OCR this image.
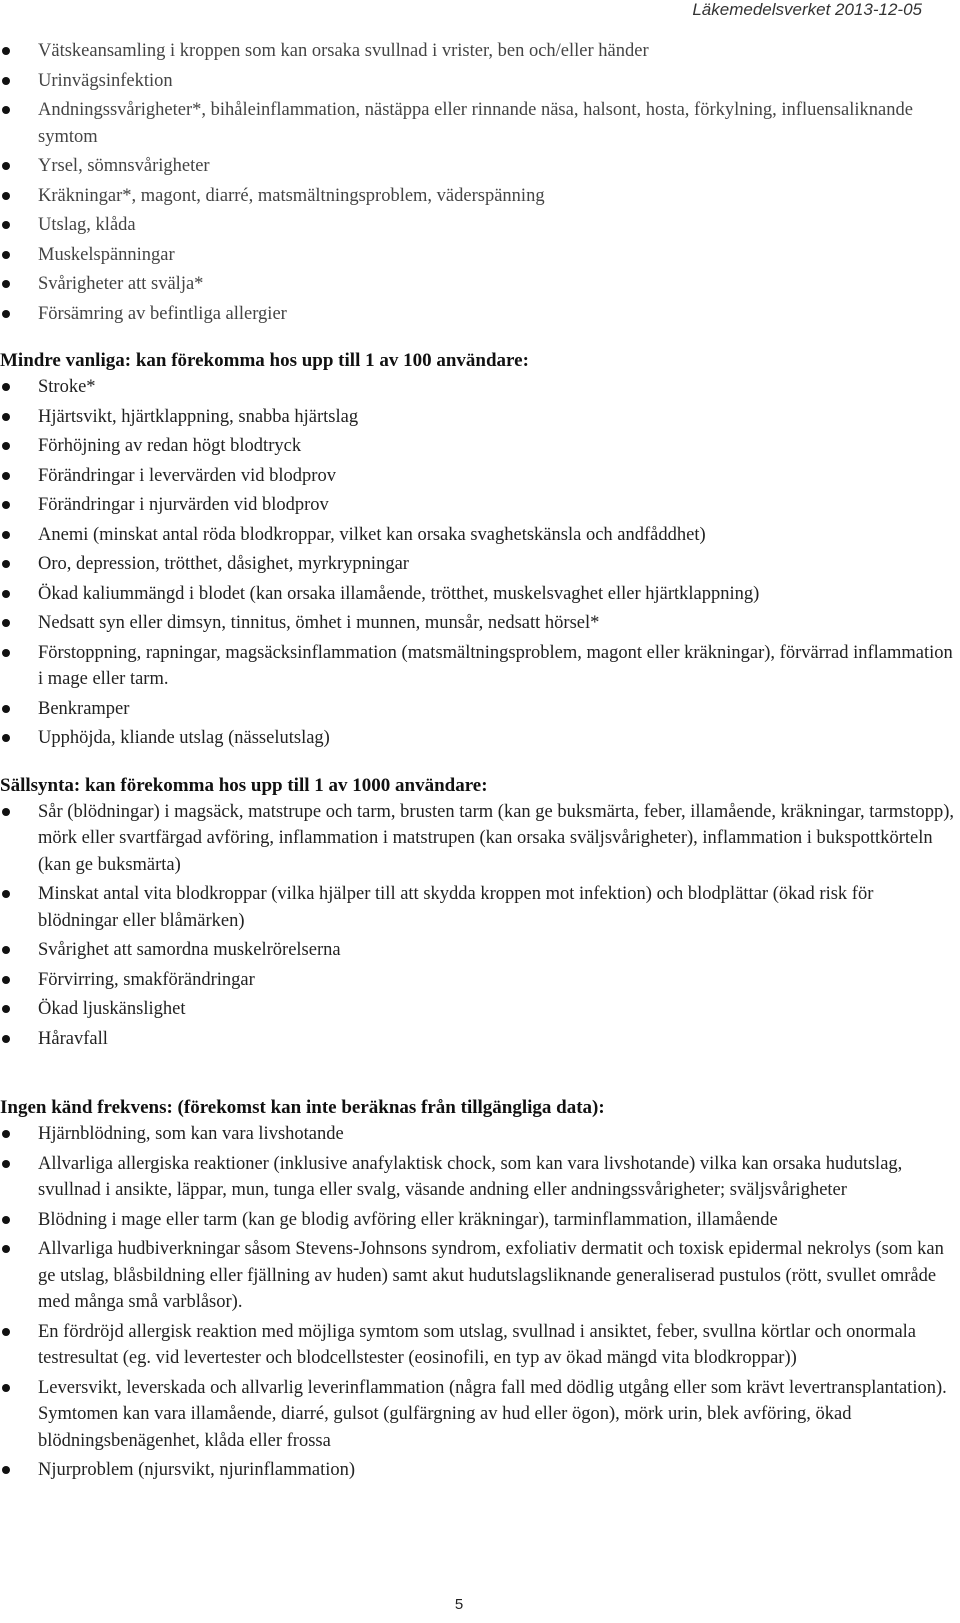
Läkemedelsverket 2013-12-05
Vätskeansamling i kroppen som kan orsaka svullnad i vrister, ben och/eller händer
Urinvägsinfektion
Andningssvårigheter*, bihåleinflammation, nästäppa eller rinnande näsa, halsont, hosta, förkylning, influensaliknande symtom
Yrsel, sömnsvårigheter
Kräkningar*, magont, diarré, matsmältningsproblem, väderspänning
Utslag, klåda
Muskelspänningar
Svårigheter att svälja*
Försämring av befintliga allergier

Mindre vanliga: kan förekomma hos upp till 1 av 100 användare:

Stroke*
Hjärtsvikt, hjärtklappning, snabba hjärtslag
Förhöjning av redan högt blodtryck
Förändringar i levervärden vid blodprov
Förändringar i njurvärden vid blodprov
Anemi (minskat antal röda blodkroppar, vilket kan orsaka svaghetskänsla och andfåddhet)
Oro, depression, trötthet, dåsighet, myrkrypningar
Ökad kaliummängd i blodet (kan orsaka illamående, trötthet, muskelsvaghet eller hjärtklappning)
Nedsatt syn eller dimsyn, tinnitus, ömhet i munnen, munsår, nedsatt hörsel*
Förstoppning, rapningar, magsäcksinflammation (matsmältningsproblem, magont eller kräkningar), förvärrad inflammation i mage eller tarm.
Benkramper
Upphöjda, kliande utslag (nässelutslag)

Sällsynta: kan förekomma hos upp till 1 av 1000 användare:

Sår (blödningar) i magsäck, matstrupe och tarm, brusten tarm (kan ge buksmärta, feber, illamående, kräkningar, tarmstopp), mörk eller svartfärgad avföring, inflammation i matstrupen (kan orsaka sväljsvårigheter), inflammation i bukspottkörteln (kan ge buksmärta)
Minskat antal vita blodkroppar (vilka hjälper till att skydda kroppen mot infektion) och blodplättar (ökad risk för blödningar eller blåmärken)
Svårighet att samordna muskelrörelserna
Förvirring, smakförändringar
Ökad ljuskänslighet
Håravfall

Ingen känd frekvens: (förekomst kan inte beräknas från tillgängliga data):

Hjärnblödning, som kan vara livshotande
Allvarliga allergiska reaktioner (inklusive anafylaktisk chock, som kan vara livshotande) vilka kan orsaka hudutslag, svullnad i ansikte, läppar, mun, tunga eller svalg, väsande andning eller andningssvårigheter; sväljsvårigheter
Blödning i mage eller tarm (kan ge blodig avföring eller kräkningar), tarminflammation, illamående
Allvarliga hudbiverkningar såsom Stevens-Johnsons syndrom, exfoliativ dermatit och toxisk epidermal nekrolys (som kan ge utslag, blåsbildning eller fjällning av huden) samt akut hudutslagsliknande generaliserad pustulos (rött, svullet område med många små varblåsor).
En fördröjd allergisk reaktion med möjliga symtom som utslag, svullnad i ansiktet, feber, svullna körtlar och onormala testresultat (eg. vid levertester och blodcellstester (eosinofili, en typ av ökad mängd vita blodkroppar))
Leversvikt, leverskada och allvarlig leverinflammation (några fall med dödlig utgång eller som krävt levertransplantation). Symtomen kan vara illamående, diarré, gulsot (gulfärgning av hud eller ögon), mörk urin, blek avföring, ökad blödningsbenägenhet, klåda eller frossa
Njurproblem (njursvikt, njurinflammation)
5
